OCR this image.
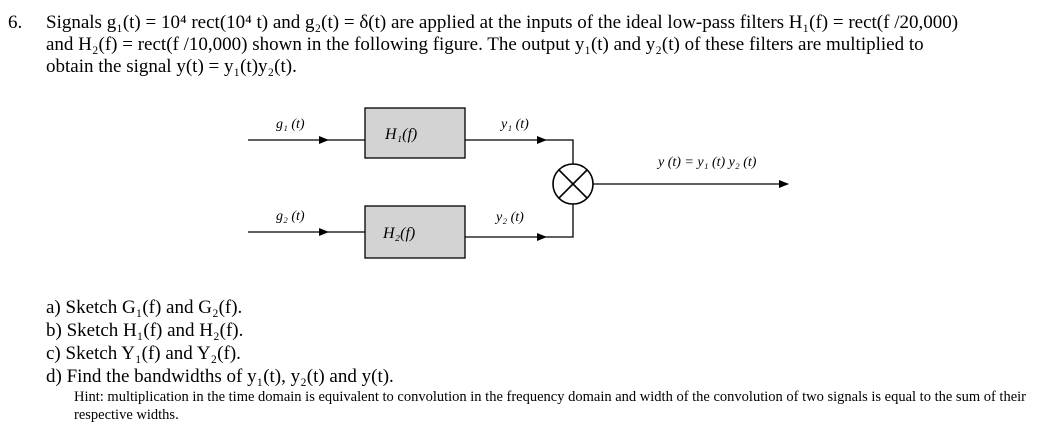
6. Signals g₁(t) = 10⁴ rect(10⁴ t) and g₂(t) = δ(t) are applied at the inputs of the ideal low-pass filters H₁(f) = rect(f /20,000)
and H₂(f) = rect(f /10,000) shown in the following figure. The output y₁(t) and y₂(t) of these filters are multiplied to
obtain the signal y(t) = y₁(t)y₂(t).
g₁ (t)
H₁(f)
y₁ (t)
g₂ (t)
H₂(f)
y₂ (t)
y (t) = y₁ (t) y₂ (t)
a) Sketch G₁(f) and G₂(f).
b) Sketch H₁(f) and H₂(f).
c) Sketch Y₁(f) and Y₂(f).
d) Find the bandwidths of y₁(t), y₂(t) and y(t).
Hint: multiplication in the time domain is equivalent to convolution in the frequency domain and width of the convolution of two signals is equal to the sum of their respective widths.
